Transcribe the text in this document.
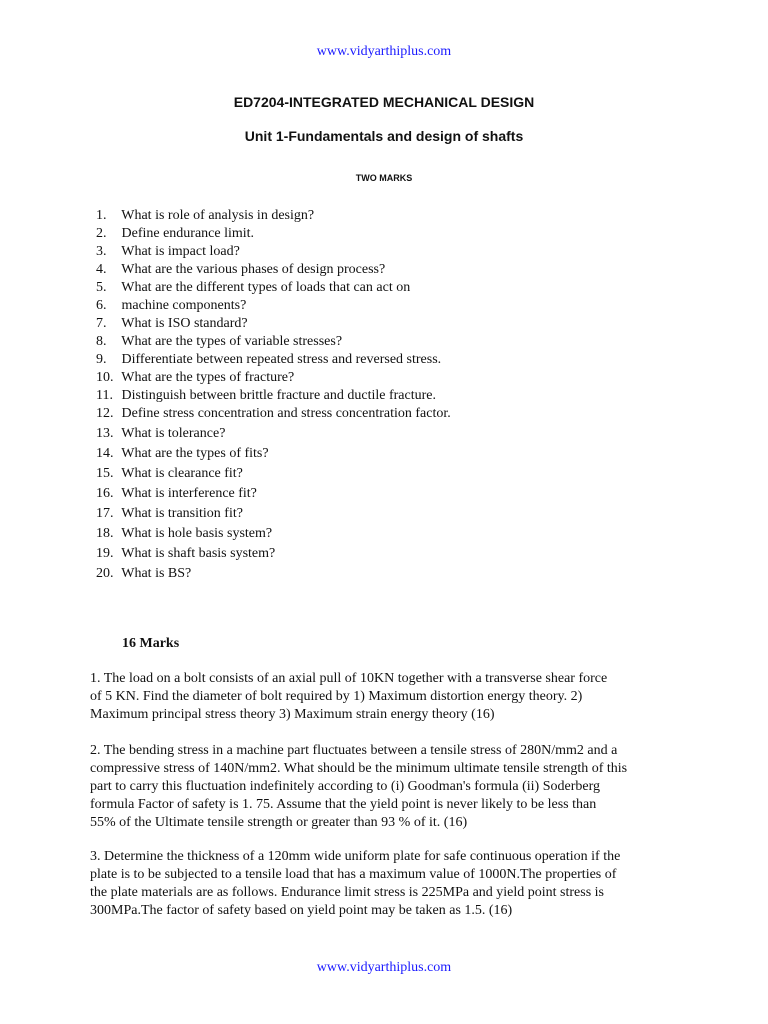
www.vidyarthiplus.com
ED7204-INTEGRATED MECHANICAL DESIGN
Unit 1-Fundamentals and design of shafts
TWO MARKS
1. What is role of analysis in design?
2. Define endurance limit.
3. What is impact load?
4. What are the various phases of design process?
5. What are the different types of loads that can act on
6. machine components?
7. What is ISO standard?
8. What are the types of variable stresses?
9. Differentiate between repeated stress and reversed stress.
10. What are the types of fracture?
11. Distinguish between brittle fracture and ductile fracture.
12. Define stress concentration and stress concentration factor.
13. What is tolerance?
14. What are the types of fits?
15. What is clearance fit?
16. What is interference fit?
17. What is transition fit?
18. What is hole basis system?
19. What is shaft basis system?
20. What is BS?
16 Marks
1. The load on a bolt consists of an axial pull of 10KN together with a transverse shear force
of 5 KN. Find the diameter of bolt required by 1) Maximum distortion energy theory. 2)
Maximum principal stress theory 3) Maximum strain energy theory (16)
2. The bending stress in a machine part fluctuates between a tensile stress of 280N/mm2 and a
compressive stress of 140N/mm2. What should be the minimum ultimate tensile strength of this
part to carry this fluctuation indefinitely according to (i) Goodman's formula (ii) Soderberg
formula Factor of safety is 1. 75. Assume that the yield point is never likely to be less than
55% of the Ultimate tensile strength or greater than 93 % of it. (16)
3. Determine the thickness of a 120mm wide uniform plate for safe continuous operation if the
plate is to be subjected to a tensile load that has a maximum value of 1000N.The properties of
the plate materials are as follows. Endurance limit stress is 225MPa and yield point stress is
300MPa.The factor of safety based on yield point may be taken as 1.5. (16)
www.vidyarthiplus.com
